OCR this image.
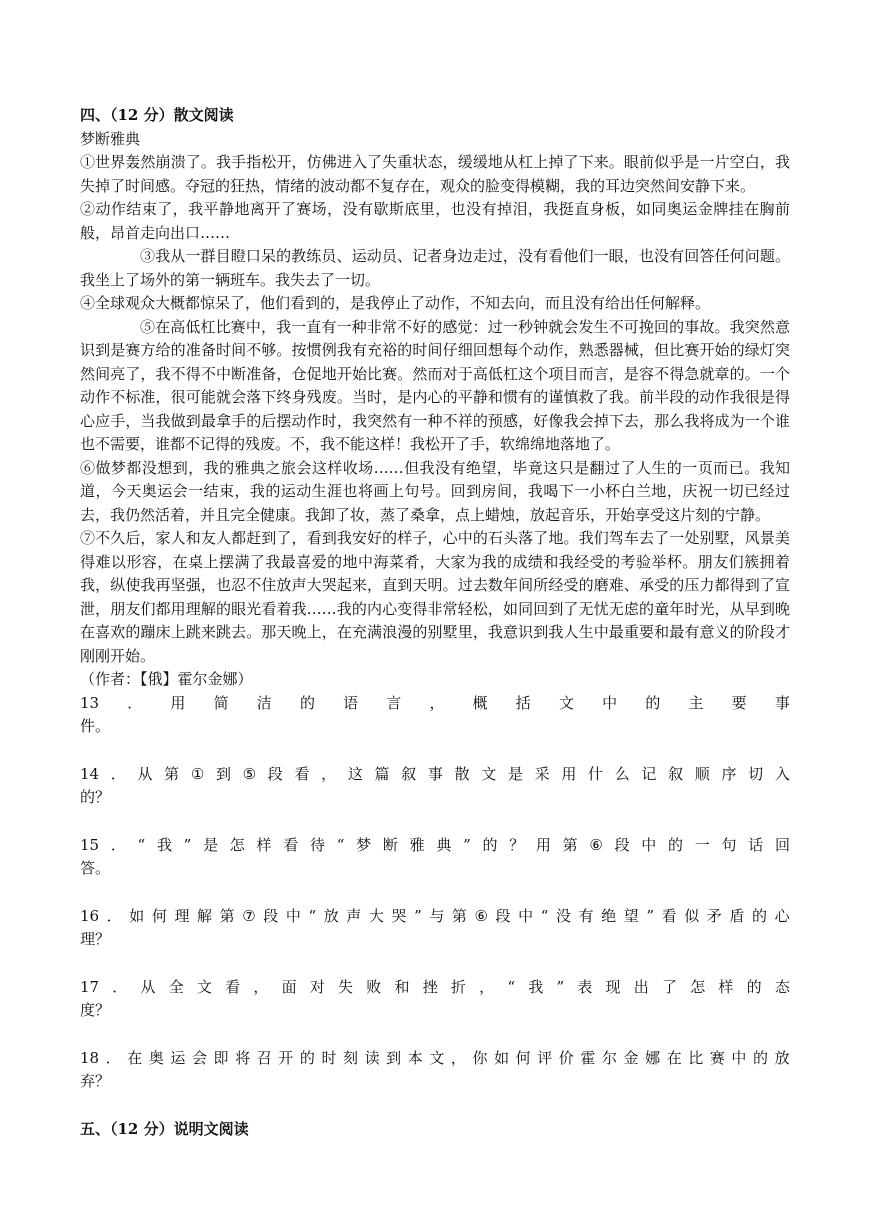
四、（12 分）散文阅读

梦断雅典

①世界轰然崩溃了。我手指松开，仿佛进入了失重状态，缓缓地从杠上掉了下来。眼前似乎是一片空白，我失掉了时间感。夺冠的狂热，情绪的波动都不复存在，观众的脸变得模糊，我的耳边突然间安静下来。

②动作结束了，我平静地离开了赛场，没有歇斯底里，也没有掉泪，我挺直身板，如同奥运金牌挂在胸前般，昂首走向出口……

③我从一群目瞪口呆的教练员、运动员、记者身边走过，没有看他们一眼，也没有回答任何问题。我坐上了场外的第一辆班车。我失去了一切。

④全球观众大概都惊呆了，他们看到的，是我停止了动作，不知去向，而且没有给出任何解释。

⑤在高低杠比赛中，我一直有一种非常不好的感觉：过一秒钟就会发生不可挽回的事故。我突然意识到是赛方给的准备时间不够。按惯例我有充裕的时间仔细回想每个动作，熟悉器械，但比赛开始的绿灯突然间亮了，我不得不中断准备，仓促地开始比赛。然而对于高低杠这个项目而言，是容不得急就章的。一个动作不标准，很可能就会落下终身残废。当时，是内心的平静和惯有的谨慎救了我。前半段的动作我很是得心应手，当我做到最拿手的后摆动作时，我突然有一种不祥的预感，好像我会掉下去，那么我将成为一个谁也不需要，谁都不记得的残废。不，我不能这样！我松开了手，软绵绵地落地了。

⑥做梦都没想到，我的雅典之旅会这样收场……但我没有绝望，毕竟这只是翻过了人生的一页而已。我知道，今天奥运会一结束，我的运动生涯也将画上句号。回到房间，我喝下一小杯白兰地，庆祝一切已经过去，我仍然活着，并且完全健康。我卸了妆，蒸了桑拿，点上蜡烛，放起音乐，开始享受这片刻的宁静。

⑦不久后，家人和友人都赶到了，看到我安好的样子，心中的石头落了地。我们驾车去了一处别墅，风景美得难以形容，在桌上摆满了我最喜爱的地中海菜肴，大家为我的成绩和我经受的考验举杯。朋友们簇拥着我，纵使我再坚强，也忍不住放声大哭起来，直到天明。过去数年间所经受的磨难、承受的压力都得到了宣泄，朋友们都用理解的眼光看着我……我的内心变得非常轻松，如同回到了无忧无虑的童年时光，从早到晚在喜欢的蹦床上跳来跳去。那天晚上，在充满浪漫的别墅里，我意识到我人生中最重要和最有意义的阶段才刚刚开始。

（作者：【俄】霍尔金娜）

13 ． 用 简 洁 的 语 言 ， 概 括 文 中 的 主 要 事
件。
14 ． 从 第 ① 到 ⑤ 段 看 ， 这 篇 叙 事 散 文 是 采 用 什 么 记 叙 顺 序 切 入
的？
15 ． “ 我 ” 是 怎 样 看 待 “ 梦 断 雅 典 ” 的 ？ 用 第 ⑥ 段 中 的 一 句 话 回
答。
16 ． 如 何 理 解 第 ⑦ 段 中 “ 放 声 大 哭 ” 与 第 ⑥ 段 中 “ 没 有 绝 望 ” 看 似 矛 盾 的 心
理？
17 ． 从 全 文 看 ， 面 对 失 败 和 挫 折 ， “ 我 ” 表 现 出 了 怎 样 的 态
度？
18 ． 在 奥 运 会 即 将 召 开 的 时 刻 读 到 本 文 ， 你 如 何 评 价 霍 尔 金 娜 在 比 赛 中 的 放
弃？

五、（12 分）说明文阅读
